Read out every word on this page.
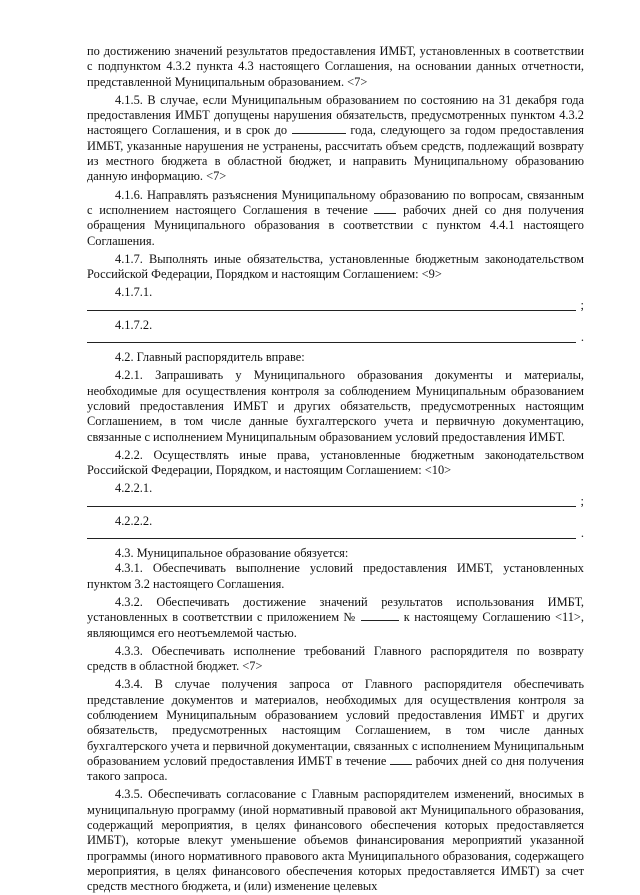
по достижению значений результатов предоставления ИМБТ, установленных в соответствии с подпунктом 4.3.2 пункта 4.3 настоящего Соглашения, на основании данных отчетности, представленной Муниципальным образованием. <7>

4.1.5. В случае, если Муниципальным образованием по состоянию на 31 декабря года предоставления ИМБТ допущены нарушения обязательств, предусмотренных пунктом 4.3.2 настоящего Соглашения, и в срок до	года, следующего за годом предоставления ИМБТ, указанные нарушения не устранены, рассчитать объем средств, подлежащий возврату из местного бюджета в областной бюджет, и направить Муниципальному образованию данную информацию. <7>

4.1.6. Направлять разъяснения Муниципальному образованию по вопросам, связанным с исполнением настоящего Соглашения в течение  рабочих дней со дня получения обращения Муниципального образования в соответствии с пунктом 4.4.1 настоящего Соглашения.

4.1.7. Выполнять иные обязательства, установленные бюджетным законодательством Российской Федерации, Порядком и настоящим Соглашением: <9>

4.1.7.1.

;

4.1.7.2.

.

4.2. Главный распорядитель вправе:

4.2.1. Запрашивать у Муниципального образования документы и материалы, необходимые для осуществления контроля за соблюдением Муниципальным образованием условий предоставления ИМБТ и других обязательств, предусмотренных настоящим Соглашением, в том числе данные бухгалтерского учета и первичную документацию, связанные с исполнением Муниципальным образованием условий предоставления ИМБТ.

4.2.2. Осуществлять иные права, установленные бюджетным законодательством Российской Федерации, Порядком, и настоящим Соглашением: <10>

4.2.2.1.

;

4.2.2.2.

.

4.3. Муниципальное образование обязуется:

4.3.1. Обеспечивать выполнение условий предоставления ИМБТ, установленных пунктом 3.2 настоящего Соглашения.

4.3.2. Обеспечивать достижение значений результатов использования ИМБТ, установленных в соответствии с приложением №	к настоящему Соглашению <11>, являющимся его неотъемлемой частью.

4.3.3. Обеспечивать исполнение требований Главного распорядителя по возврату средств в областной бюджет. <7>

4.3.4. В случае получения запроса от Главного распорядителя обеспечивать представление документов и материалов, необходимых для осуществления контроля за соблюдением Муниципальным образованием условий предоставления ИМБТ и других обязательств, предусмотренных настоящим Соглашением, в том числе данных бухгалтерского учета и первичной документации, связанных с исполнением Муниципальным образованием условий предоставления ИМБТ в течение  рабочих дней со дня получения такого запроса.

4.3.5. Обеспечивать согласование с Главным распорядителем изменений, вносимых в муниципальную программу (иной нормативный правовой акт Муниципального образования, содержащий мероприятия, в целях финансового обеспечения которых предоставляется ИМБТ), которые влекут уменьшение объемов финансирования мероприятий указанной программы (иного нормативного правового акта Муниципального образования, содержащего мероприятия, в целях финансового обеспечения которых предоставляется ИМБТ) за счет средств местного бюджета, и (или) изменение целевых
